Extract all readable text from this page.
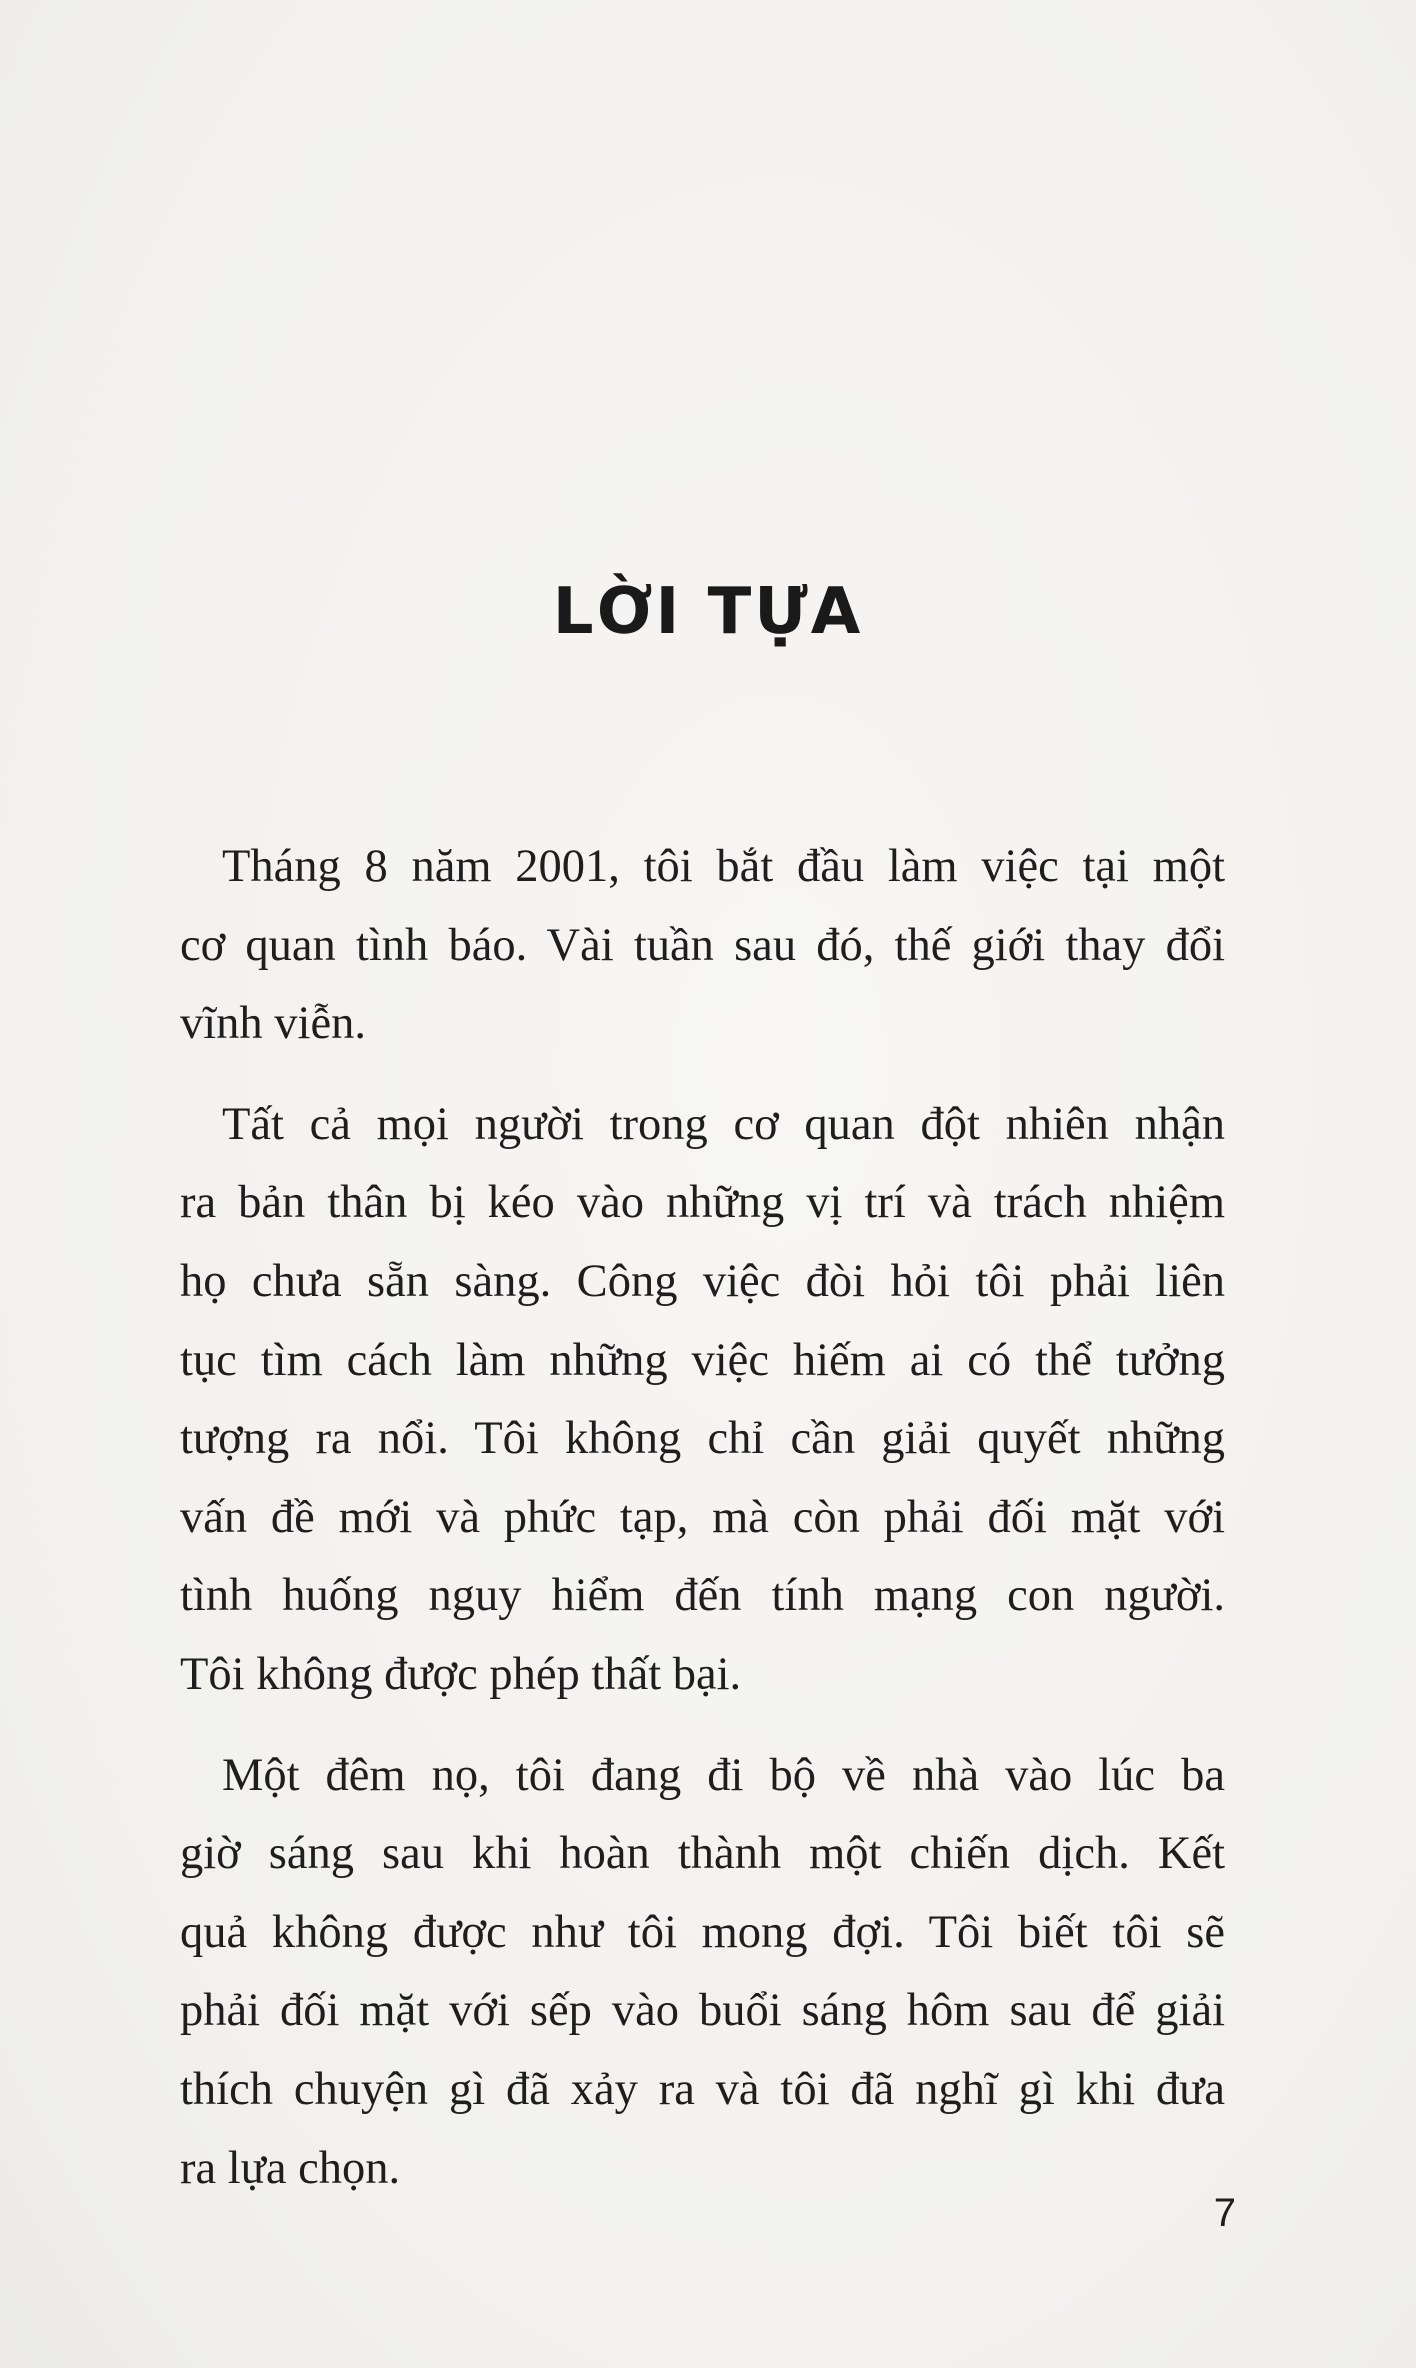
LỜI TỰA

Tháng 8 năm 2001, tôi bắt đầu làm việc tại một
cơ quan tình báo. Vài tuần sau đó, thế giới thay đổi
vĩnh viễn.

Tất cả mọi người trong cơ quan đột nhiên nhận
ra bản thân bị kéo vào những vị trí và trách nhiệm
họ chưa sẵn sàng. Công việc đòi hỏi tôi phải liên
tục tìm cách làm những việc hiếm ai có thể tưởng
tượng ra nổi. Tôi không chỉ cần giải quyết những
vấn đề mới và phức tạp, mà còn phải đối mặt với
tình huống nguy hiểm đến tính mạng con người.
Tôi không được phép thất bại.

Một đêm nọ, tôi đang đi bộ về nhà vào lúc ba
giờ sáng sau khi hoàn thành một chiến dịch. Kết
quả không được như tôi mong đợi. Tôi biết tôi sẽ
phải đối mặt với sếp vào buổi sáng hôm sau để giải
thích chuyện gì đã xảy ra và tôi đã nghĩ gì khi đưa
ra lựa chọn.

7
